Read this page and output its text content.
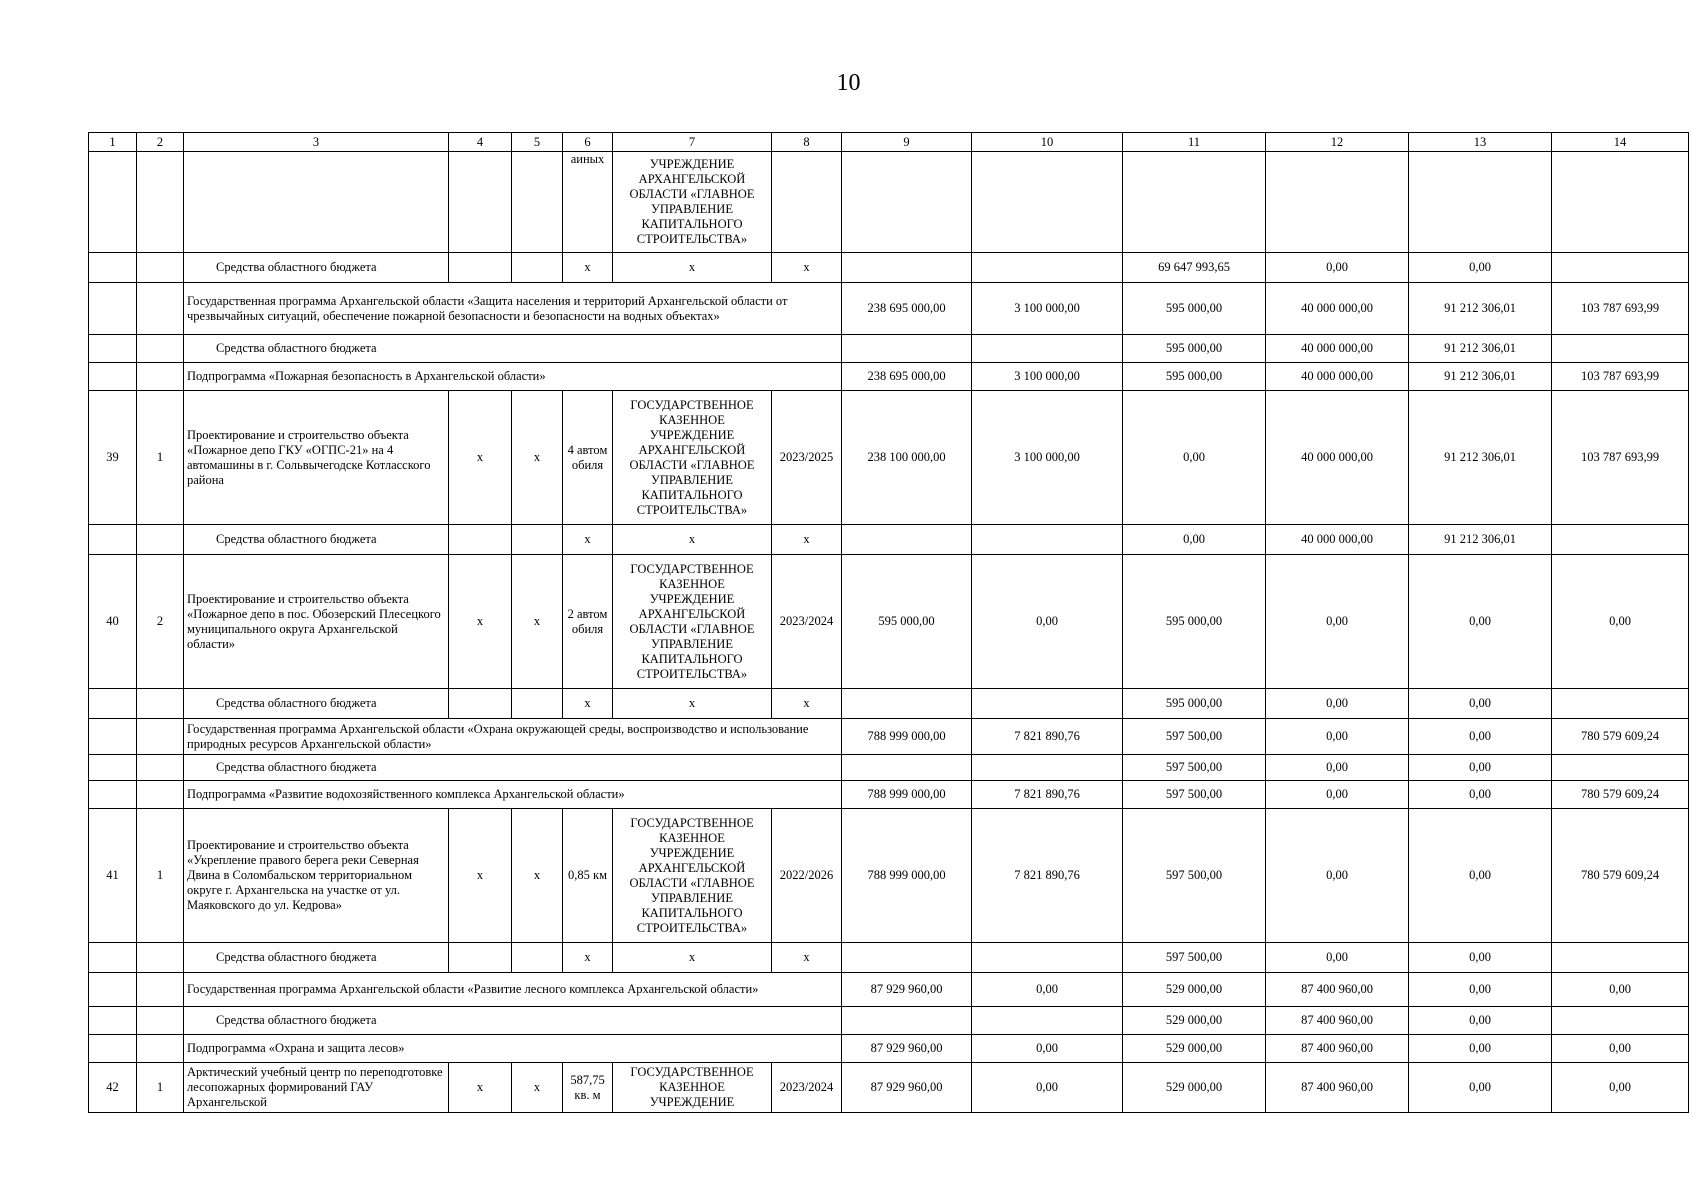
10
1	2	3	4	5	6	7	8	9	10	11	12	13	14
					аиных	УЧРЕЖДЕНИЕ АРХАНГЕЛЬСКОЙ ОБЛАСТИ «ГЛАВНОЕ УПРАВЛЕНИЕ КАПИТАЛЬНОГО СТРОИТЕЛЬСТВА»							
		Средства областного бюджета			х	х	х			69 647 993,65	0,00	0,00	
		Государственная программа Архангельской области «Защита населения и территорий Архангельской области от чрезвычайных ситуаций, обеспечение пожарной безопасности и безопасности на водных объектах»						238 695 000,00	3 100 000,00	595 000,00	40 000 000,00	91 212 306,01	103 787 693,99
		Средства областного бюджета								595 000,00	40 000 000,00	91 212 306,01	
		Подпрограмма «Пожарная безопасность в Архангельской области»						238 695 000,00	3 100 000,00	595 000,00	40 000 000,00	91 212 306,01	103 787 693,99
39	1	Проектирование и строительство объекта «Пожарное депо ГКУ «ОГПС-21» на 4 автомашины в г. Сольвычегодске Котласского района	х	х	4 автом обиля	ГОСУДАРСТВЕННОЕ КАЗЕННОЕ УЧРЕЖДЕНИЕ АРХАНГЕЛЬСКОЙ ОБЛАСТИ «ГЛАВНОЕ УПРАВЛЕНИЕ КАПИТАЛЬНОГО СТРОИТЕЛЬСТВА»	2023/2025	238 100 000,00	3 100 000,00	0,00	40 000 000,00	91 212 306,01	103 787 693,99
		Средства областного бюджета			х	х	х			0,00	40 000 000,00	91 212 306,01	
40	2	Проектирование и строительство объекта «Пожарное депо в пос. Обозерский Плесецкого муниципального округа Архангельской области»	х	х	2 автом обиля	ГОСУДАРСТВЕННОЕ КАЗЕННОЕ УЧРЕЖДЕНИЕ АРХАНГЕЛЬСКОЙ ОБЛАСТИ «ГЛАВНОЕ УПРАВЛЕНИЕ КАПИТАЛЬНОГО СТРОИТЕЛЬСТВА»	2023/2024	595 000,00	0,00	595 000,00	0,00	0,00	0,00
		Средства областного бюджета			х	х	х			595 000,00	0,00	0,00	
		Государственная программа Архангельской области «Охрана окружающей среды, воспроизводство и использование природных ресурсов Архангельской области»						788 999 000,00	7 821 890,76	597 500,00	0,00	0,00	780 579 609,24
		Средства областного бюджета								597 500,00	0,00	0,00	
		Подпрограмма «Развитие водохозяйственного комплекса Архангельской области»						788 999 000,00	7 821 890,76	597 500,00	0,00	0,00	780 579 609,24
41	1	Проектирование и строительство объекта «Укрепление правого берега реки Северная Двина в Соломбальском территориальном округе г. Архангельска на участке от ул. Маяковского до ул. Кедрова»	х	х	0,85 км	ГОСУДАРСТВЕННОЕ КАЗЕННОЕ УЧРЕЖДЕНИЕ АРХАНГЕЛЬСКОЙ ОБЛАСТИ «ГЛАВНОЕ УПРАВЛЕНИЕ КАПИТАЛЬНОГО СТРОИТЕЛЬСТВА»	2022/2026	788 999 000,00	7 821 890,76	597 500,00	0,00	0,00	780 579 609,24
		Средства областного бюджета			х	х	х			597 500,00	0,00	0,00	
		Государственная программа Архангельской области «Развитие лесного комплекса Архангельской области»						87 929 960,00	0,00	529 000,00	87 400 960,00	0,00	0,00
		Средства областного бюджета								529 000,00	87 400 960,00	0,00	
		Подпрограмма «Охрана и защита лесов»						87 929 960,00	0,00	529 000,00	87 400 960,00	0,00	0,00
42	1	Арктический учебный центр по переподготовке лесопожарных формирований ГАУ Архангельской	х	х	587,75 кв. м	ГОСУДАРСТВЕННОЕ КАЗЕННОЕ УЧРЕЖДЕНИЕ	2023/2024	87 929 960,00	0,00	529 000,00	87 400 960,00	0,00	0,00
